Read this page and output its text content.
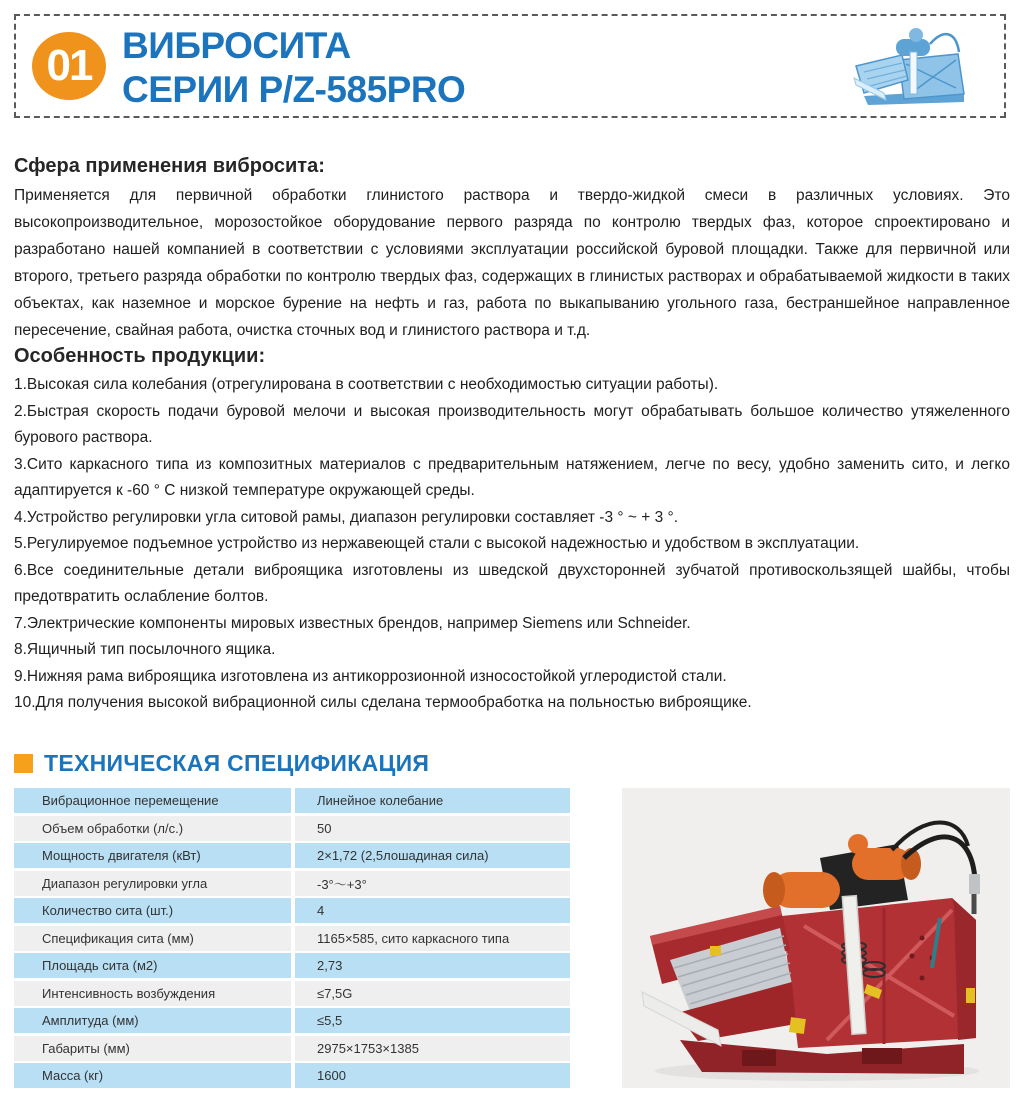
01 ВИБРОСИТА
СЕРИИ P/Z-585PRO
Сфера применения вибросита:

Применяется для первичной обработки глинистого раствора и твердо-жидкой смеси в различных условиях. Это высокопроизводительное, морозостойкое оборудование первого разряда по контролю твердых фаз, которое спроектировано и разработано нашей компанией в соответствии с условиями эксплуатации российской буровой площадки. Также для первичной или второго, третьего разряда обработки по контролю твердых фаз, содержащих в глинистых растворах и обрабатываемой жидкости в таких объектах, как наземное и морское бурение на нефть и газ, работа по выкапыванию угольного газа, бестраншейное направленное пересечение, свайная работа, очистка сточных вод и глинистого раствора и т.д.

Особенность продукции:

1.Высокая сила колебания (отрегулирована в соответствии с необходимостью ситуации работы).

2.Быстрая скорость подачи буровой мелочи и высокая производительность могут обрабатывать большое количество утяжеленного бурового раствора.

3.Сито каркасного типа из композитных материалов с предварительным натяжением, легче по весу, удобно заменить сито, и легко адаптируется к -60 ° С низкой температуре окружающей среды.

4.Устройство регулировки угла ситовой рамы, диапазон регулировки составляет -3 ° ~ + 3 °.

5.Регулируемое подъемное устройство из нержавеющей стали с высокой надежностью и удобством в эксплуатации.

6.Все соединительные детали виброящика изготовлены из шведской двухсторонней зубчатой противоскользящей шайбы, чтобы предотвратить ослабление болтов.

7.Электрические компоненты мировых известных брендов, например Siemens или Schneider.

8.Ящичный тип посылочного ящика.

9.Нижняя рама виброящика изготовлена из антикоррозионной износостойкой углеродистой стали.

10.Для получения высокой вибрационной силы сделана термообработка на польностью виброящике.

ТЕХНИЧЕСКАЯ СПЕЦИФИКАЦИЯ
Вибрационное перемещение	Линейное колебание
Объем обработки (л/с.)	50
Мощность двигателя (кВт)	2×1,72 (2,5лошадиная сила)
Диапазон регулировки угла	-3°～+3°
Количество сита (шт.)	4
Спецификация сита (мм)	1165×585, сито каркасного типа
Площадь сита (м2)	2,73
Интенсивность возбуждения	≤7,5G
Амплитуда (мм)	≤5,5
Габариты (мм)	2975×1753×1385
Масса (кг)	1600
